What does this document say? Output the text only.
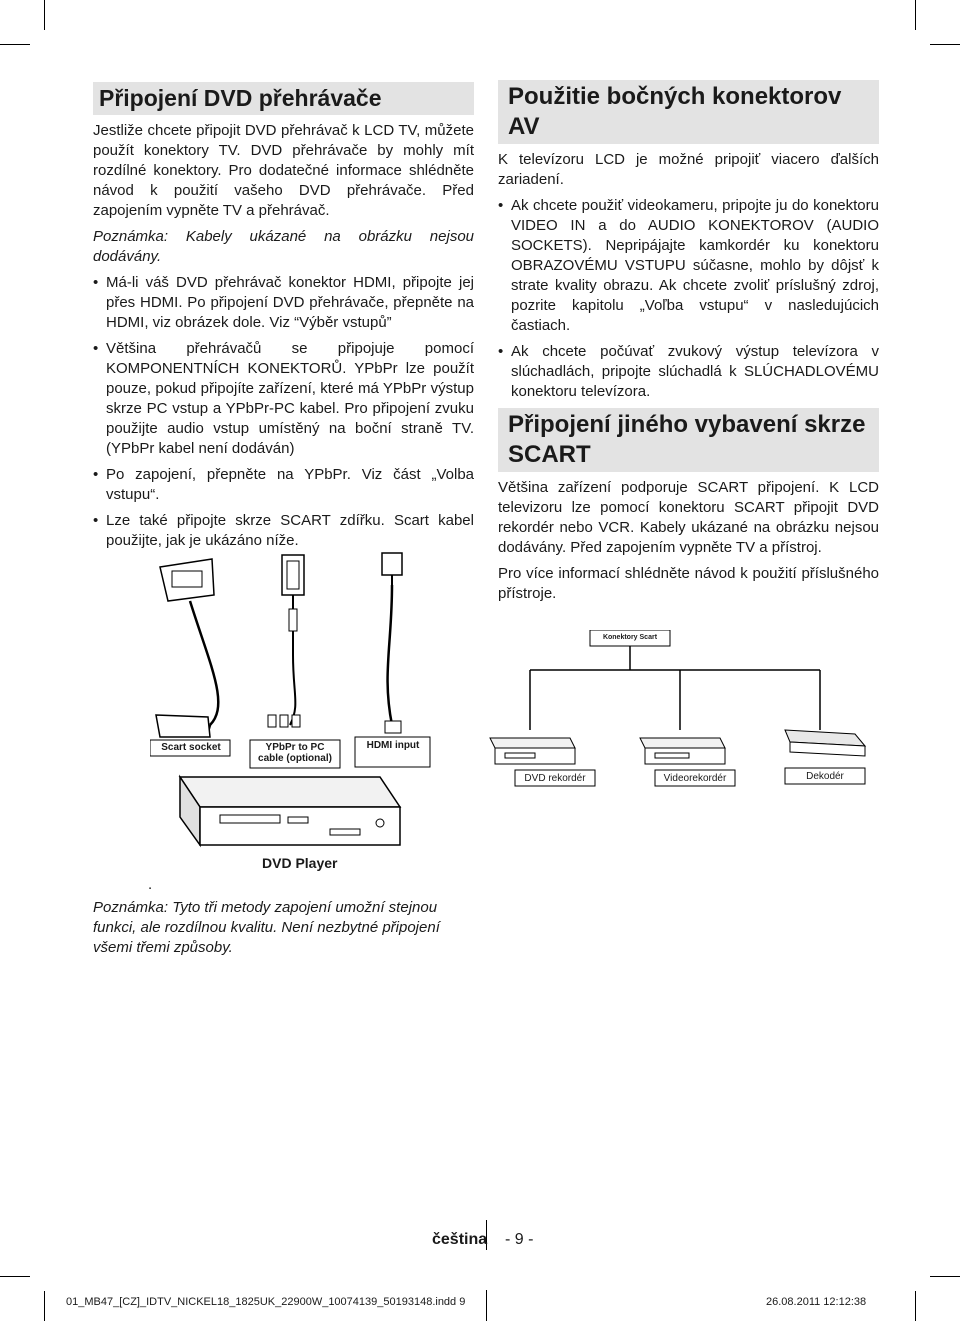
Připojení DVD přehrávače

Jestliže chcete připojit DVD přehrávač k LCD TV, můžete použít konektory TV. DVD přehrávače by mohly mít rozdílné konektory. Pro dodatečné informace shlédněte návod k použití vašeho DVD přehrávače. Před zapojením vypněte TV a přehrávač.

Poznámka: Kabely ukázané na obrázku nejsou dodávány.

• Má-li váš DVD přehrávač konektor HDMI, připojte jej přes HDMI. Po připojení DVD přehrávače, přepněte na HDMI, viz obrázek dole. Viz “Výběr vstupů”
• Většina přehrávačů se připojuje pomocí KOMPONENTNÍCH KONEKTORŮ. YPbPr lze použít pouze, pokud připojíte zařízení, které má YPbPr výstup skrze PC vstup a YPbPr-PC kabel. Pro připojení zvuku použijte audio vstup umístěný na boční straně TV.(YPbPr kabel není dodáván)
• Po zapojení, přepněte na YPbPr. Viz část „Volba vstupu“.
• Lze také připojte skrze SCART zdířku. Scart kabel použijte, jak je ukázáno níže.
Scart socket	YPbPr to PC cable (optional)
HDMI input
DVD Player
.
Poznámka: Tyto tři metody zapojení umožní stejnou funkci, ale rozdílnou kvalitu. Není nezbytné připojení všemi třemi způsoby.
Použitie bočných konektorov AV

K televízoru LCD je možné pripojiť viacero ďalších zariadení.

• Ak chcete použiť videokameru, pripojte ju do konektoru VIDEO IN a do AUDIO KONEKTOROV (AUDIO SOCKETS). Nepripájajte kamkordér ku konektoru OBRAZOVÉMU VSTUPU súčasne, mohlo by dôjsť k strate kvality obrazu. Ak chcete zvoliť príslušný zdroj, pozrite kapitolu „Voľba vstupu“ v nasledujúcich častiach.
• Ak chcete počúvať zvukový výstup televízora v slúchadlách, pripojte slúchadlá k SLÚCHADLOVÉMU konektoru televízora.
Připojení jiného vybavení skrze SCART

Většina zařízení podporuje SCART připojení. K LCD televizoru lze pomocí konektoru SCART připojit DVD rekordér nebo VCR. Kabely ukázané na obrázku nejsou dodávány. Před zapojením vypněte TV a přístroj.

Pro více informací shlédněte návod k použití příslušného přístroje.

Konektory Scart
DVD rekordér	Videorekordér	Dekodér
čeština - 9 -
01_MB47_[CZ]_IDTV_NICKEL18_1825UK_22900W_10074139_50193148.indd 9	26.08.2011 12:12:38
